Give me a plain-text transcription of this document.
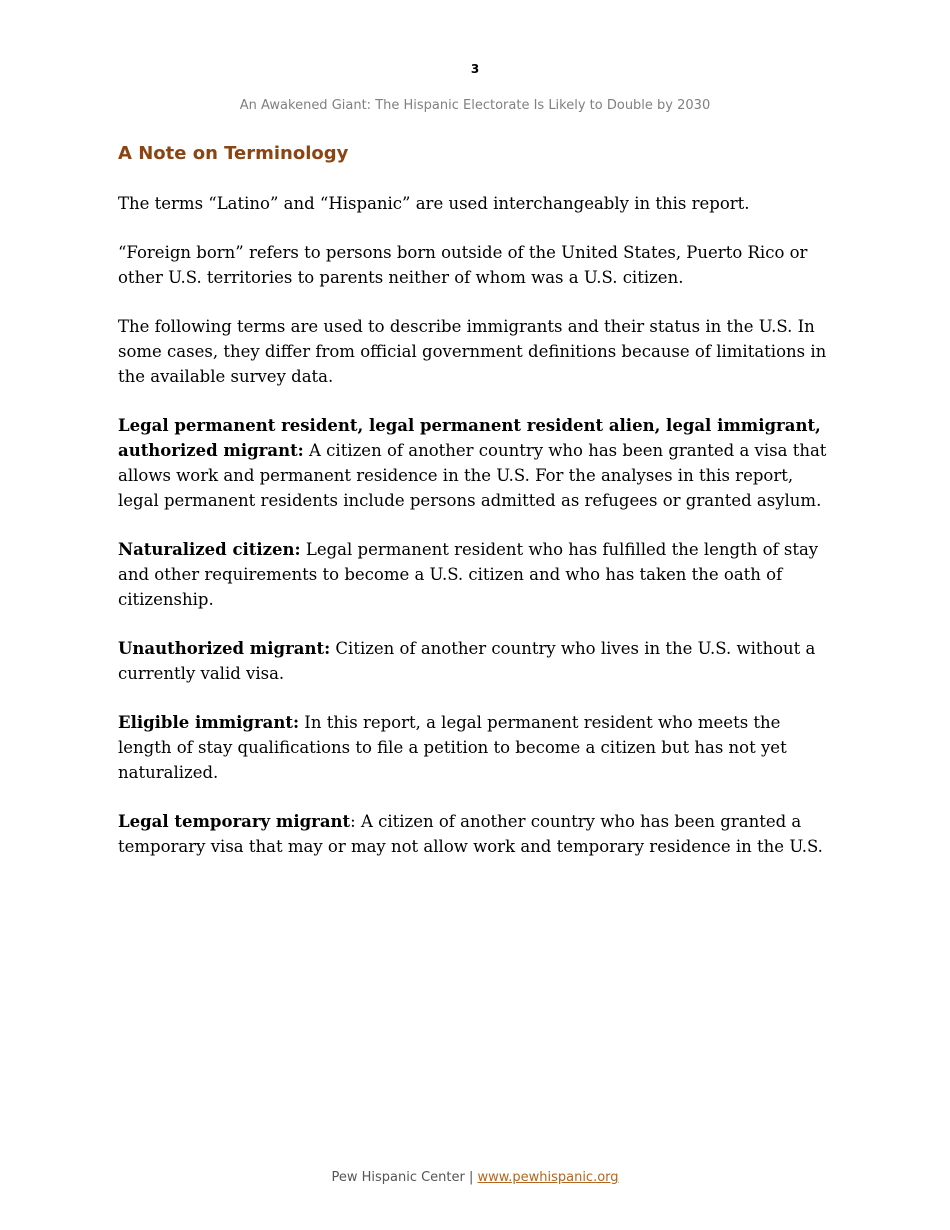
3
An Awakened Giant: The Hispanic Electorate Is Likely to Double by 2030
A Note on Terminology

The terms “Latino” and “Hispanic” are used interchangeably in this report.

“Foreign born” refers to persons born outside of the United States, Puerto Rico or other U.S. territories to parents neither of whom was a U.S. citizen.

The following terms are used to describe immigrants and their status in the U.S. In some cases, they differ from official government definitions because of limitations in the available survey data.

Legal permanent resident, legal permanent resident alien, legal immigrant, authorized migrant: A citizen of another country who has been granted a visa that allows work and permanent residence in the U.S. For the analyses in this report, legal permanent residents include persons admitted as refugees or granted asylum.

Naturalized citizen: Legal permanent resident who has fulfilled the length of stay and other requirements to become a U.S. citizen and who has taken the oath of citizenship.

Unauthorized migrant: Citizen of another country who lives in the U.S. without a currently valid visa.

Eligible immigrant: In this report, a legal permanent resident who meets the length of stay qualifications to file a petition to become a citizen but has not yet naturalized.

Legal temporary migrant: A citizen of another country who has been granted a temporary visa that may or may not allow work and temporary residence in the U.S.

Pew Hispanic Center | www.pewhispanic.org
